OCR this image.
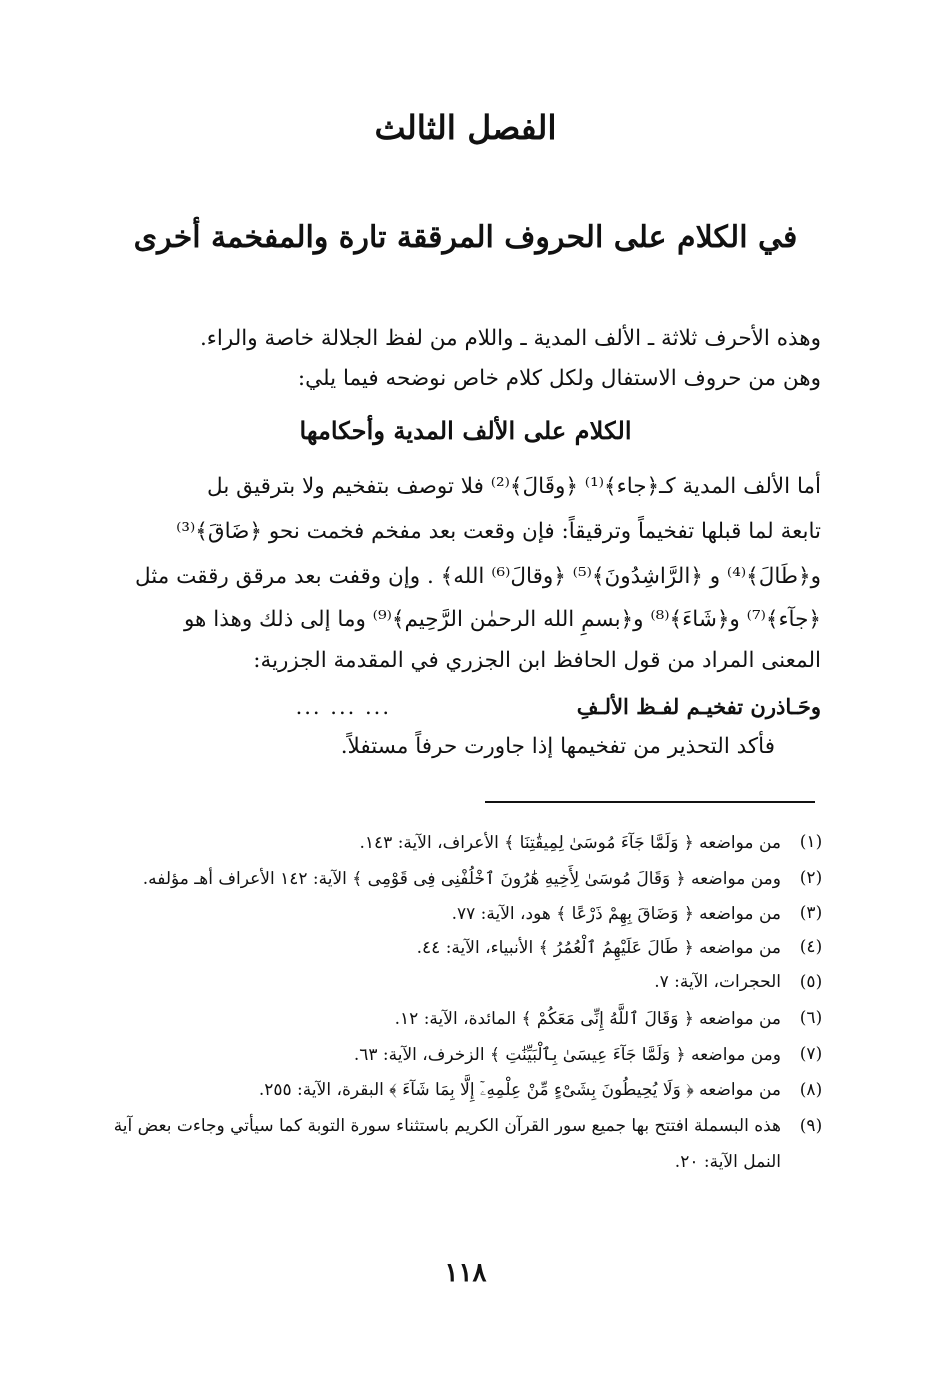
الفصل الثالث
في الكلام على الحروف المرققة تارة والمفخمة أخرى
وهذه الأحرف ثلاثة ـ الألف المدية ـ واللام من لفظ الجلالة خاصة والراء.
وهن من حروف الاستفال ولكل كلام خاص نوضحه فيما يلي:
الكلام على الألف المدية وأحكامها
أما الألف المدية كـ﴿جاء﴾⁽¹⁾ ﴿وقَالَ﴾⁽²⁾ فلا توصف بتفخيم ولا بترقيق بل
تابعة لما قبلها تفخيماً وترقيقاً: فإن وقعت بعد مفخم فخمت نحو ﴿ضَاقَ﴾⁽³⁾
و﴿طَالَ﴾⁽⁴⁾ و ﴿الرَّاشِدُونَ﴾⁽⁵⁾ ﴿وقالَ⁽⁶⁾ الله﴾ . وإن وقفت بعد مرقق رققت مثل
﴿جآء﴾⁽⁷⁾ و﴿شَاءَ﴾⁽⁸⁾ و﴿بسمِ الله الرحمٰن الرَّحِيم﴾⁽⁹⁾ وما إلى ذلك وهذا هو
المعنى المراد من قول الحافظ ابن الجزري في المقدمة الجزرية:
وحَـاذرن تفخيـم لفـظ الألـفِ
... ... ...
فأكد التحذير من تفخيمها إذا جاورت حرفاً مستفلاً.
(١)
من مواضعه ﴿ وَلَمَّا جَآءَ مُوسَىٰ لِمِيقَٰتِنَا ﴾ الأعراف، الآية: ١٤٣.
(٢)
ومن مواضعه ﴿ وَقَالَ مُوسَىٰ لِأَخِيهِ هَٰرُونَ ٱخْلُفْنِى فِى قَوْمِى ﴾ الآية: ١٤٢ الأعراف أهـ مؤلفه.
(٣)
من مواضعه ﴿ وَضَاقَ بِهِمْ ذَرْعًا ﴾ هود، الآية: ٧٧.
(٤)
من مواضعه ﴿ طَالَ عَلَيْهِمُ ٱلْعُمُرُ ﴾ الأنبياء، الآية: ٤٤.
(٥)
الحجرات، الآية: ٧.
(٦)
من مواضعه ﴿ وَقَالَ ٱللَّهُ إِنِّى مَعَكُمْ ﴾ المائدة، الآية: ١٢.
(٧)
ومن مواضعه ﴿ وَلَمَّا جَآءَ عِيسَىٰ بِٱلْبَيِّنَٰتِ ﴾ الزخرف، الآية: ٦٣.
(٨)
من مواضعه ﴿ وَلَا يُحِيطُونَ بِشَىْءٍ مِّنْ عِلْمِهِۦٓ إِلَّا بِمَا شَآءَ ﴾ البقرة، الآية: ٢٥٥.
(٩)
هذه البسملة افتتح بها جميع سور القرآن الكريم باستثناء سورة التوبة كما سيأتي وجاءت بعض آية
النمل الآية: ٢٠.
١١٨
